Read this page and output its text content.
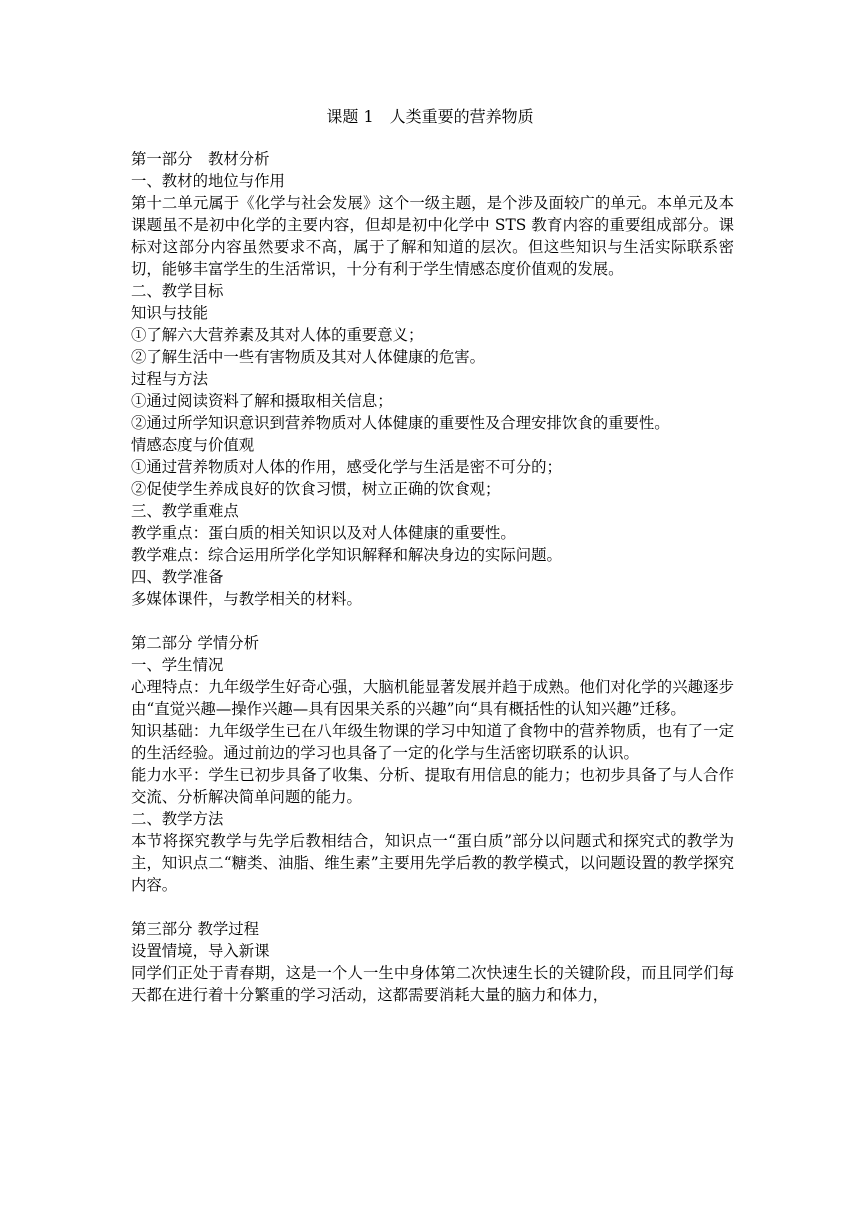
课题 1　人类重要的营养物质

第一部分　教材分析

一、教材的地位与作用

第十二单元属于《化学与社会发展》这个一级主题，是个涉及面较广的单元。本单元及本课题虽不是初中化学的主要内容，但却是初中化学中 STS 教育内容的重要组成部分。课标对这部分内容虽然要求不高，属于了解和知道的层次。但这些知识与生活实际联系密切，能够丰富学生的生活常识，十分有利于学生情感态度价值观的发展。

二、教学目标

知识与技能

①了解六大营养素及其对人体的重要意义；

②了解生活中一些有害物质及其对人体健康的危害。

过程与方法

①通过阅读资料了解和摄取相关信息；

②通过所学知识意识到营养物质对人体健康的重要性及合理安排饮食的重要性。

情感态度与价值观

①通过营养物质对人体的作用，感受化学与生活是密不可分的；

②促使学生养成良好的饮食习惯，树立正确的饮食观；

三、教学重难点

教学重点：蛋白质的相关知识以及对人体健康的重要性。

教学难点：综合运用所学化学知识解释和解决身边的实际问题。

四、教学准备

多媒体课件，与教学相关的材料。

第二部分 学情分析

一、学生情况

心理特点：九年级学生好奇心强，大脑机能显著发展并趋于成熟。他们对化学的兴趣逐步由“直觉兴趣—操作兴趣—具有因果关系的兴趣”向“具有概括性的认知兴趣”迁移。

知识基础：九年级学生已在八年级生物课的学习中知道了食物中的营养物质，也有了一定的生活经验。通过前边的学习也具备了一定的化学与生活密切联系的认识。

能力水平：学生已初步具备了收集、分析、提取有用信息的能力；也初步具备了与人合作交流、分析解决简单问题的能力。

二、教学方法

本节将探究教学与先学后教相结合，知识点一“蛋白质”部分以问题式和探究式的教学为主，知识点二“糖类、油脂、维生素”主要用先学后教的教学模式，以问题设置的教学探究内容。

第三部分 教学过程

设置情境，导入新课

同学们正处于青春期，这是一个人一生中身体第二次快速生长的关键阶段，而且同学们每天都在进行着十分繁重的学习活动，这都需要消耗大量的脑力和体力，
